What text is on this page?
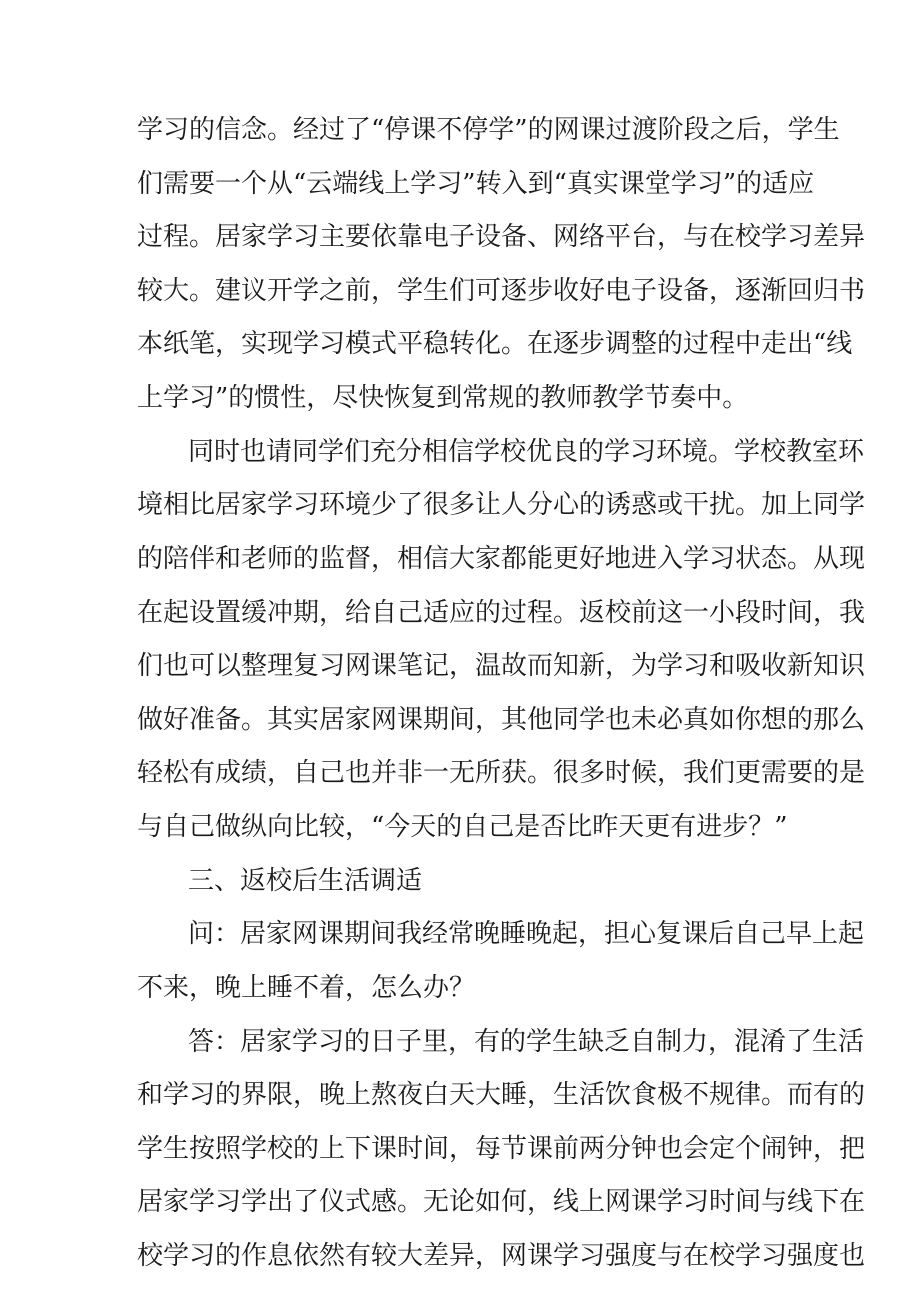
学习的信念。经过了“停课不停学”的网课过渡阶段之后，学生
们需要一个从“云端线上学习”转入到“真实课堂学习”的适应
过程。居家学习主要依靠电子设备、网络平台，与在校学习差异
较大。建议开学之前，学生们可逐步收好电子设备，逐渐回归书
本纸笔，实现学习模式平稳转化。在逐步调整的过程中走出“线
上学习”的惯性，尽快恢复到常规的教师教学节奏中。
同时也请同学们充分相信学校优良的学习环境。学校教室环
境相比居家学习环境少了很多让人分心的诱惑或干扰。加上同学
的陪伴和老师的监督，相信大家都能更好地进入学习状态。从现
在起设置缓冲期，给自己适应的过程。返校前这一小段时间，我
们也可以整理复习网课笔记，温故而知新，为学习和吸收新知识
做好准备。其实居家网课期间，其他同学也未必真如你想的那么
轻松有成绩，自己也并非一无所获。很多时候，我们更需要的是
与自己做纵向比较，“今天的自己是否比昨天更有进步？”
三、返校后生活调适
问：居家网课期间我经常晚睡晚起，担心复课后自己早上起
不来，晚上睡不着，怎么办？
答：居家学习的日子里，有的学生缺乏自制力，混淆了生活
和学习的界限，晚上熬夜白天大睡，生活饮食极不规律。而有的
学生按照学校的上下课时间，每节课前两分钟也会定个闹钟，把
居家学习学出了仪式感。无论如何，线上网课学习时间与线下在
校学习的作息依然有较大差异，网课学习强度与在校学习强度也
